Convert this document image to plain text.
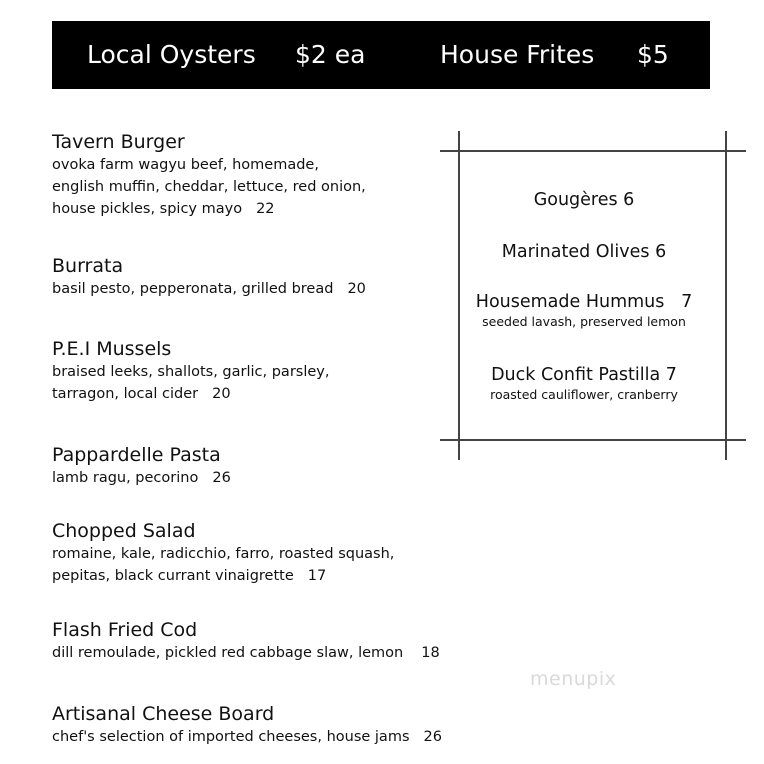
Local Oysters $2 ea	House Frites $5
Tavern Burger
ovoka farm wagyu beef, homemade,
english muffin, cheddar, lettuce, red onion,
house pickles, spicy mayo 22
Burrata
basil pesto, pepperonata, grilled bread 20
P.E.I Mussels
braised leeks, shallots, garlic, parsley,
tarragon, local cider 20
Pappardelle Pasta
lamb ragu, pecorino 26
Chopped Salad
romaine, kale, radicchio, farro, roasted squash,
pepitas, black currant vinaigrette 17
Flash Fried Cod
dill remoulade, pickled red cabbage slaw, lemon 18
Artisanal Cheese Board
chef's selection of imported cheeses, house jams 26
Gougères 6
Marinated Olives 6
Housemade Hummus   7
seeded lavash, preserved lemon
Duck Confit Pastilla 7
roasted cauliflower, cranberry
menupix
